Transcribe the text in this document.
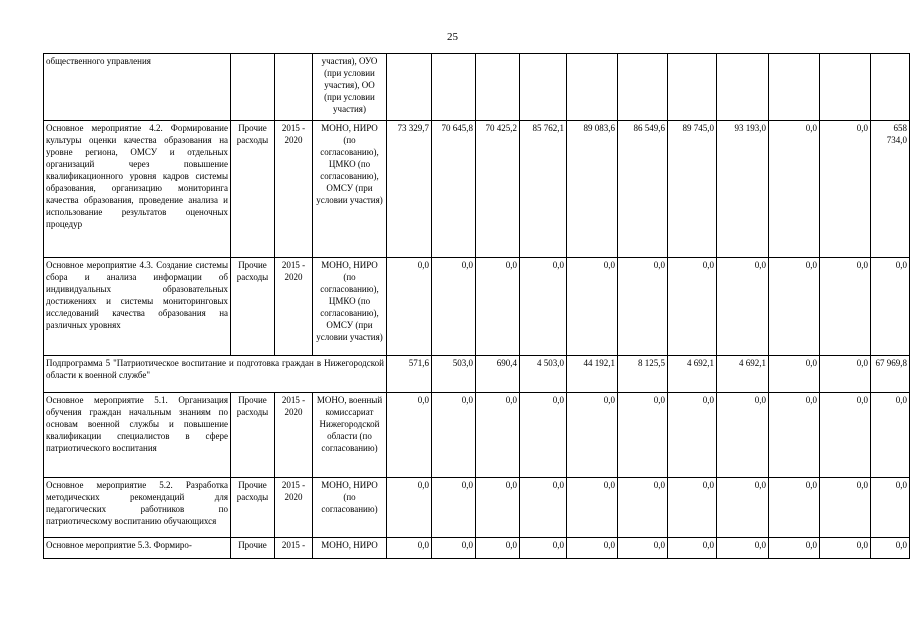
25
общественного управления			участия), ОУО (при условии участия), ОО (при условии участия)											
Основное мероприятие 4.2. Формирование культуры оценки качества образования на уровне региона, ОМСУ и отдельных организаций через повышение квалификационного уровня кадров системы образования, организацию мониторинга качества образования, проведение анализа и использование результатов оценочных процедур	Прочие расходы	2015 - 2020	МОНО, НИРО (по согласованию), ЦМКО (по согласованию), ОМСУ (при условии участия)	73 329,7	70 645,8	70 425,2	85 762,1	89 083,6	86 549,6	89 745,0	93 193,0	0,0	0,0	658 734,0
Основное мероприятие 4.3. Создание системы сбора и анализа информации об индивидуальных образовательных достижениях и системы мониторинговых исследований качества образования на различных уровнях	Прочие расходы	2015 - 2020	МОНО, НИРО (по согласованию), ЦМКО (по согласованию), ОМСУ (при условии участия)	0,0	0,0	0,0	0,0	0,0	0,0	0,0	0,0	0,0	0,0	0,0
Подпрограмма 5 "Патриотическое воспитание и подготовка граждан в Нижегородской области к военной службе"				571,6	503,0	690,4	4 503,0	44 192,1	8 125,5	4 692,1	4 692,1	0,0	0,0	67 969,8
Основное мероприятие 5.1. Организация обучения граждан начальным знаниям по основам военной службы и повышение квалификации специалистов в сфере патриотического воспитания	Прочие расходы	2015 - 2020	МОНО, военный комиссариат Нижегородской области (по согласованию)	0,0	0,0	0,0	0,0	0,0	0,0	0,0	0,0	0,0	0,0	0,0
Основное мероприятие 5.2. Разработка методических рекомендаций для педагогических работников по патриотическому воспитанию обучающихся	Прочие расходы	2015 - 2020	МОНО, НИРО (по согласованию)	0,0	0,0	0,0	0,0	0,0	0,0	0,0	0,0	0,0	0,0	0,0
Основное мероприятие 5.3. Формиро-	Прочие	2015 -	МОНО, НИРО	0,0	0,0	0,0	0,0	0,0	0,0	0,0	0,0	0,0	0,0	0,0
